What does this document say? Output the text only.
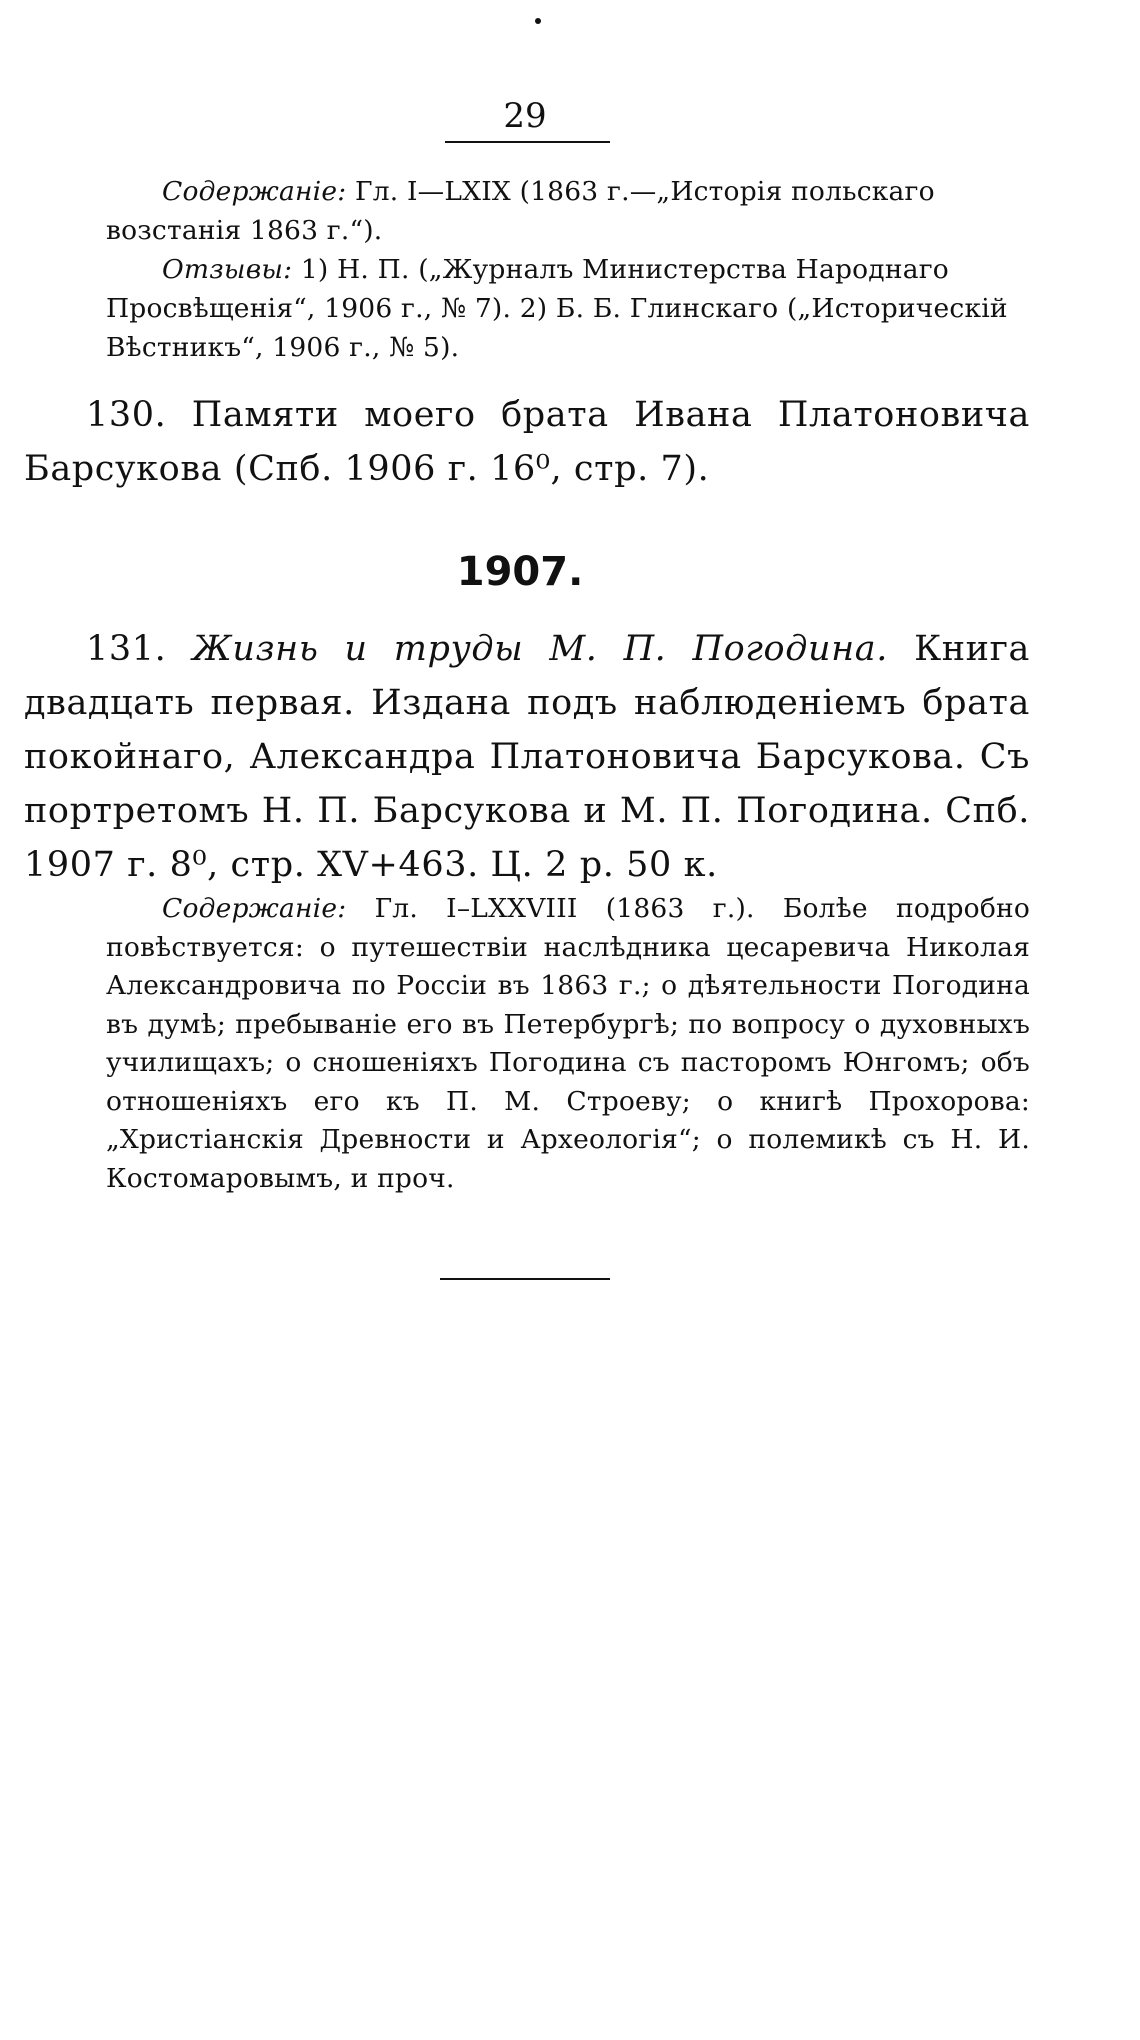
29
Содержаніе: Гл. I—LXIX (1863 г.—„Исторія польскаго возстанія 1863 г.“).
Отзывы: 1) Н. П. („Журналъ Министерства Народнаго Просвѣщенія“, 1906 г., № 7). 2) Б. Б. Глинскаго („Историческій Вѣстникъ“, 1906 г., № 5).
130. Памяти моего брата Ивана Платоновича Барсукова (Спб. 1906 г. 16⁰, стр. 7).
1907.
131. Жизнь и труды М. П. Погодина. Книга двадцать первая. Издана подъ наблюденіемъ брата покойнаго, Александра Платоновича Барсукова. Съ портретомъ Н. П. Барсукова и М. П. Погодина. Спб. 1907 г. 8⁰, стр. XV+463. Ц. 2 р. 50 к.
Содержаніе: Гл. I–LXXVIII (1863 г.). Болѣе подробно повѣствуется: о путешествіи наслѣдника цесаревича Николая Александровича по Россіи въ 1863 г.; о дѣятельности Погодина въ думѣ; пребываніе его въ Петербургѣ; по вопросу о духовныхъ училищахъ; о сношеніяхъ Погодина съ пасторомъ Юнгомъ; объ отношеніяхъ его къ П. М. Строеву; о книгѣ Прохорова: „Христіанскія Древности и Археологія“; о полемикѣ съ Н. И. Костомаровымъ, и проч.
